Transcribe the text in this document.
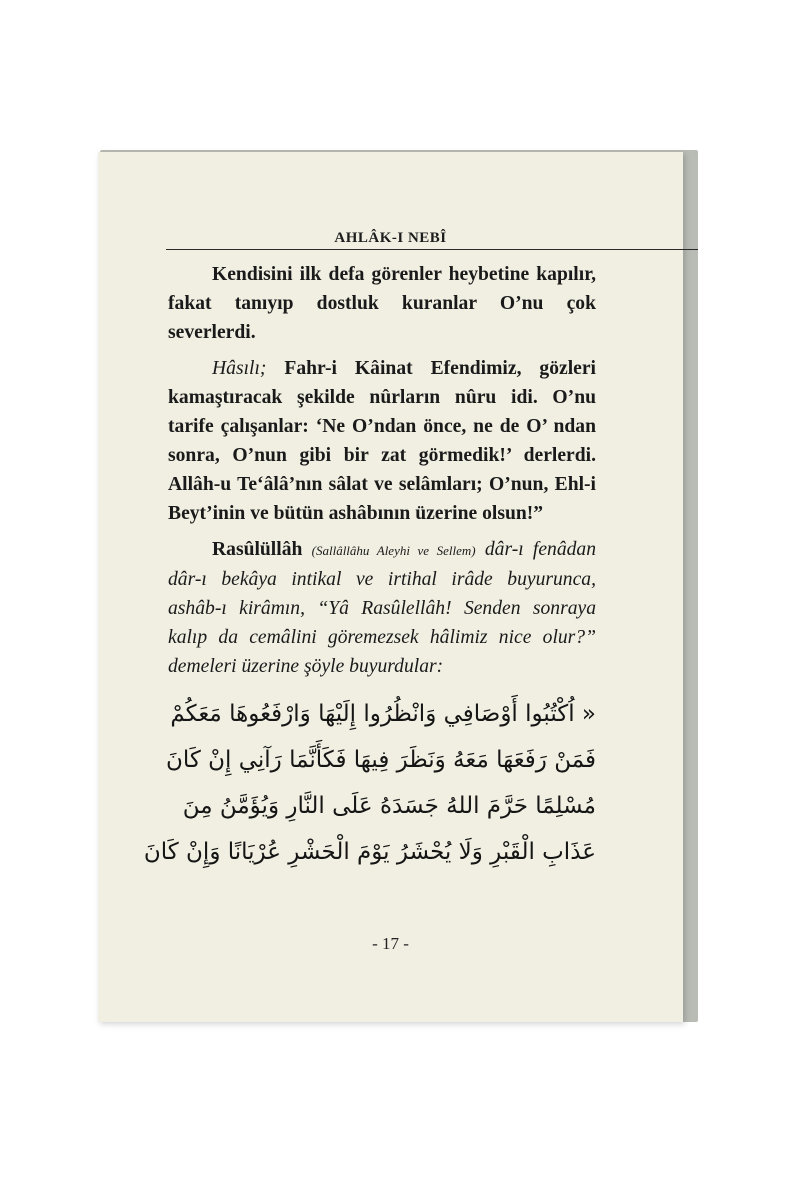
AHLÂK-I NEBÎ

Kendisini ilk defa görenler heybetine kapılır, fakat tanıyıp dostluk kuranlar O’nu çok severlerdi.

Hâsılı; Fahr-i Kâinat Efendimiz, gözleri kamaştıracak şekilde nûrların nûru idi. O’nu tarife çalışanlar: ‘Ne O’ndan önce, ne de O’ ndan sonra, O’nun gibi bir zat görmedik!’ derlerdi. Allâh-u Te‘âlâ’nın sâlat ve selâmları; O’nun, Ehl-i Beyt’inin ve bütün ashâbının üzerine olsun!”

Rasûlüllâh (Sallâllâhu Aleyhi ve Sellem) dâr-ı fenâdan dâr-ı bekâya intikal ve irtihal irâde buyurunca, ashâb-ı kirâmın, “Yâ Rasûlellâh! Senden sonraya kalıp da cemâlini göremezsek hâlimiz nice olur?” demeleri üzerine şöyle buyurdular:

« اُكْتُبُوا أَوْصَافِي وَانْظُرُوا إِلَيْهَا وَارْفَعُوهَا مَعَكُمْ
فَمَنْ رَفَعَهَا مَعَهُ وَنَظَرَ فِيهَا فَكَأَنَّمَا رَآنِي إِنْ كَانَ
مُسْلِمًا حَرَّمَ اللهُ جَسَدَهُ عَلَى النَّارِ وَيُؤَمَّنُ مِنَ
عَذَابِ الْقَبْرِ وَلَا يُحْشَرُ يَوْمَ الْحَشْرِ عُرْيَانًا وَإِنْ كَانَ
- 17 -
